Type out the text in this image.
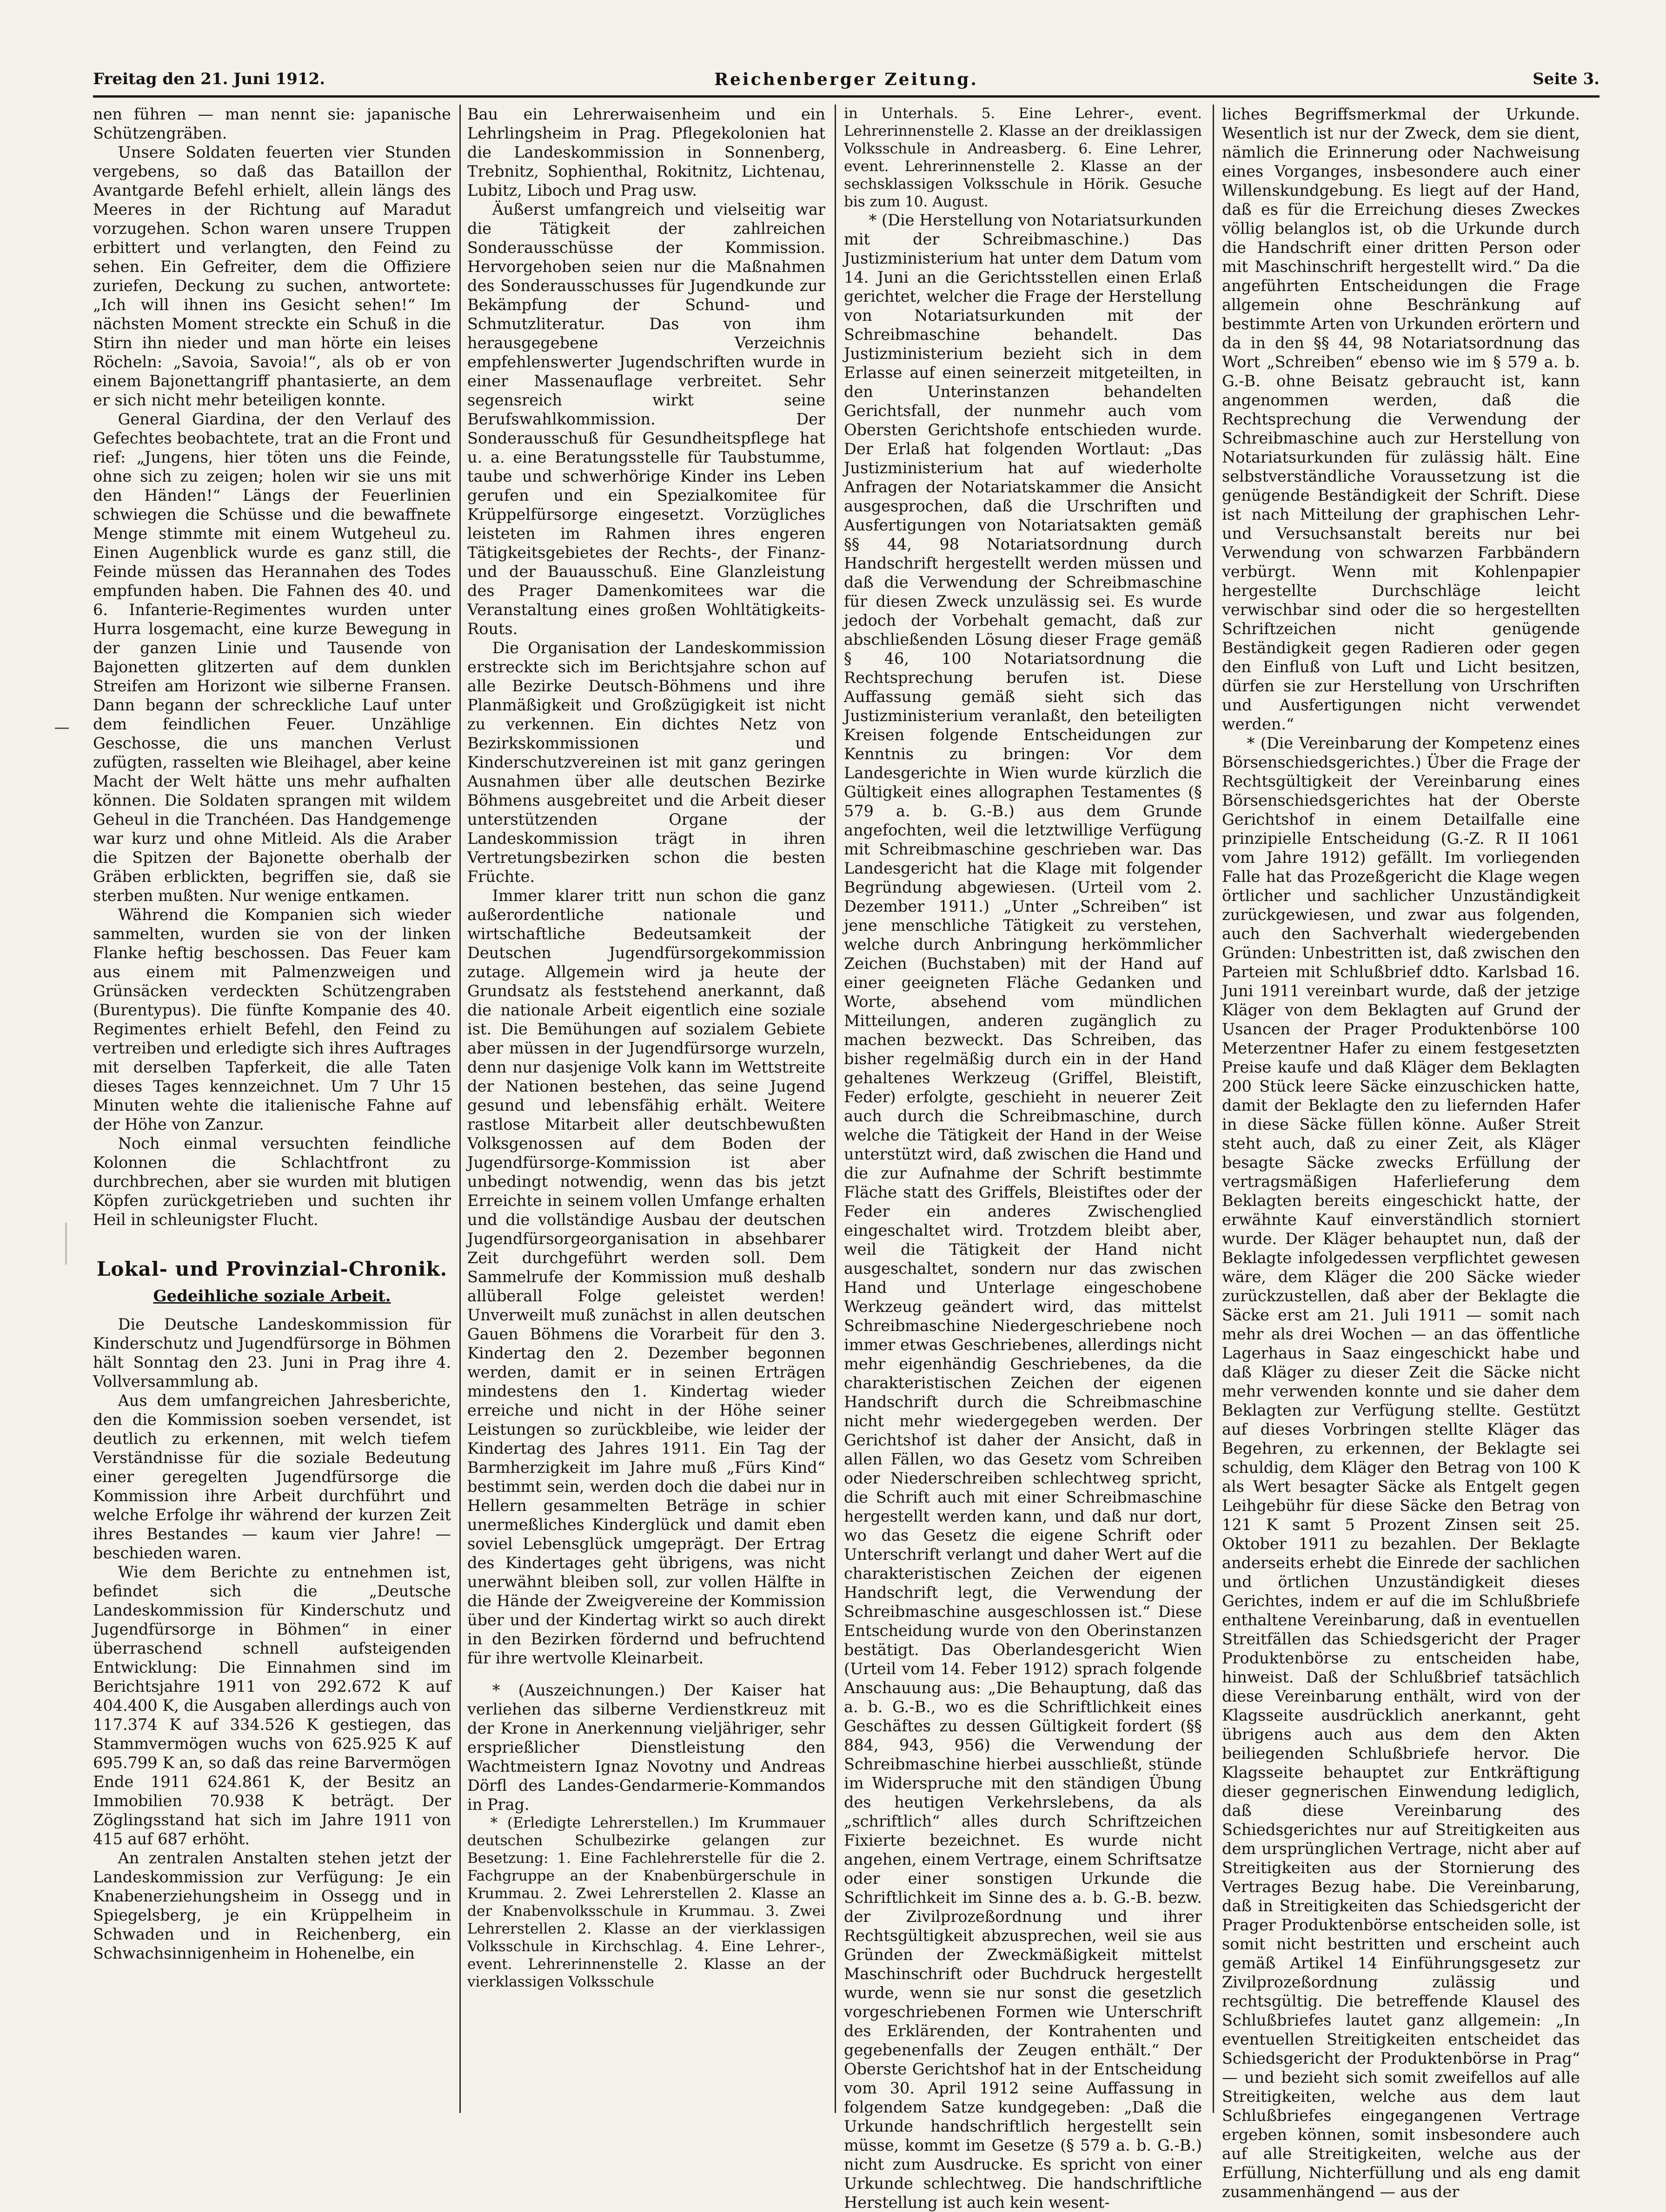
Freitag den 21. Juni 1912.	Reichenberger Zeitung.	Seite 3.

nen führen — man nennt sie: japanische Schützengräben.

Unsere Soldaten feuerten vier Stunden vergebens, so daß das Bataillon der Avantgarde Befehl erhielt, allein längs des Meeres in der Richtung auf Maradut vorzugehen. Schon waren unsere Truppen erbittert und verlangten, den Feind zu sehen. Ein Gefreiter, dem die Offiziere zuriefen, Deckung zu suchen, antwortete: „Ich will ihnen ins Gesicht sehen!“ Im nächsten Moment streckte ein Schuß in die Stirn ihn nieder und man hörte ein leises Röcheln: „Savoia, Savoia!“, als ob er von einem Bajonettangriff phantasierte, an dem er sich nicht mehr beteiligen konnte.

General Giardina, der den Verlauf des Gefechtes beobachtete, trat an die Front und rief: „Jungens, hier töten uns die Feinde, ohne sich zu zeigen; holen wir sie uns mit den Händen!“ Längs der Feuerlinien schwiegen die Schüsse und die bewaffnete Menge stimmte mit einem Wutgeheul zu. Einen Augenblick wurde es ganz still, die Feinde müssen das Herannahen des Todes empfunden haben. Die Fahnen des 40. und 6. Infanterie-Regimentes wurden unter Hurra losgemacht, eine kurze Bewegung in der ganzen Linie und Tausende von Bajonetten glitzerten auf dem dunklen Streifen am Horizont wie silberne Fransen. Dann begann der schreckliche Lauf unter dem feindlichen Feuer. Unzählige Geschosse, die uns manchen Verlust zufügten, rasselten wie Bleihagel, aber keine Macht der Welt hätte uns mehr aufhalten können. Die Soldaten sprangen mit wildem Geheul in die Tranchéen. Das Handgemenge war kurz und ohne Mitleid. Als die Araber die Spitzen der Bajonette oberhalb der Gräben erblickten, begriffen sie, daß sie sterben mußten. Nur wenige entkamen.

Während die Kompanien sich wieder sammelten, wurden sie von der linken Flanke heftig beschossen. Das Feuer kam aus einem mit Palmenzweigen und Grünsäcken verdeckten Schützengraben (Burentypus). Die fünfte Kompanie des 40. Regimentes erhielt Befehl, den Feind zu vertreiben und erledigte sich ihres Auftrages mit derselben Tapferkeit, die alle Taten dieses Tages kennzeichnet. Um 7 Uhr 15 Minuten wehte die italienische Fahne auf der Höhe von Zanzur.

Noch einmal versuchten feindliche Kolonnen die Schlachtfront zu durchbrechen, aber sie wurden mit blutigen Köpfen zurückgetrieben und suchten ihr Heil in schleunigster Flucht.

Lokal- und Provinzial-Chronik.
Gedeihliche soziale Arbeit.

Die Deutsche Landeskommission für Kinderschutz und Jugendfürsorge in Böhmen hält Sonntag den 23. Juni in Prag ihre 4. Vollversammlung ab.

Aus dem umfangreichen Jahresberichte, den die Kommission soeben versendet, ist deutlich zu erkennen, mit welch tiefem Verständnisse für die soziale Bedeutung einer geregelten Jugendfürsorge die Kommission ihre Arbeit durchführt und welche Erfolge ihr während der kurzen Zeit ihres Bestandes — kaum vier Jahre! — beschieden waren.

Wie dem Berichte zu entnehmen ist, befindet sich die „Deutsche Landeskommission für Kinderschutz und Jugendfürsorge in Böhmen“ in einer überraschend schnell aufsteigenden Entwicklung: Die Einnahmen sind im Berichtsjahre 1911 von 292.672 K auf 404.400 K, die Ausgaben allerdings auch von 117.374 K auf 334.526 K gestiegen, das Stammvermögen wuchs von 625.925 K auf 695.799 K an, so daß das reine Barvermögen Ende 1911 624.861 K, der Besitz an Immobilien 70.938 K beträgt. Der Zöglingsstand hat sich im Jahre 1911 von 415 auf 687 erhöht.

An zentralen Anstalten stehen jetzt der Landeskommission zur Verfügung: Je ein Knabenerziehungsheim in Ossegg und in Spiegelsberg, je ein Krüppelheim in Schwaden und in Reichenberg, ein Schwachsinnigenheim in Hohenelbe, ein

Bau ein Lehrerwaisenheim und ein Lehrlingsheim in Prag. Pflegekolonien hat die Landeskommission in Sonnenberg, Trebnitz, Sophienthal, Rokitnitz, Lichtenau, Lubitz, Liboch und Prag usw.

Äußerst umfangreich und vielseitig war die Tätigkeit der zahlreichen Sonderausschüsse der Kommission. Hervorgehoben seien nur die Maßnahmen des Sonderausschusses für Jugendkunde zur Bekämpfung der Schund- und Schmutzliteratur. Das von ihm herausgegebene Verzeichnis empfehlenswerter Jugendschriften wurde in einer Massenauflage verbreitet. Sehr segensreich wirkt seine Berufswahlkommission. Der Sonderausschuß für Gesundheitspflege hat u. a. eine Beratungsstelle für Taubstumme, taube und schwerhörige Kinder ins Leben gerufen und ein Spezialkomitee für Krüppelfürsorge eingesetzt. Vorzügliches leisteten im Rahmen ihres engeren Tätigkeitsgebietes der Rechts-, der Finanz- und der Bauausschuß. Eine Glanzleistung des Prager Damenkomitees war die Veranstaltung eines großen Wohltätigkeits-Routs.

Die Organisation der Landeskommission erstreckte sich im Berichtsjahre schon auf alle Bezirke Deutsch-Böhmens und ihre Planmäßigkeit und Großzügigkeit ist nicht zu verkennen. Ein dichtes Netz von Bezirkskommissionen und Kinderschutzvereinen ist mit ganz geringen Ausnahmen über alle deutschen Bezirke Böhmens ausgebreitet und die Arbeit dieser unterstützenden Organe der Landeskommission trägt in ihren Vertretungsbezirken schon die besten Früchte.

Immer klarer tritt nun schon die ganz außerordentliche nationale und wirtschaftliche Bedeutsamkeit der Deutschen Jugendfürsorgekommission zutage. Allgemein wird ja heute der Grundsatz als feststehend anerkannt, daß die nationale Arbeit eigentlich eine soziale ist. Die Bemühungen auf sozialem Gebiete aber müssen in der Jugendfürsorge wurzeln, denn nur dasjenige Volk kann im Wettstreite der Nationen bestehen, das seine Jugend gesund und lebensfähig erhält. Weitere rastlose Mitarbeit aller deutschbewußten Volksgenossen auf dem Boden der Jugendfürsorge-Kommission ist aber unbedingt notwendig, wenn das bis jetzt Erreichte in seinem vollen Umfange erhalten und die vollständige Ausbau der deutschen Jugendfürsorgeorganisation in absehbarer Zeit durchgeführt werden soll. Dem Sammelrufe der Kommission muß deshalb allüberall Folge geleistet werden! Unverweilt muß zunächst in allen deutschen Gauen Böhmens die Vorarbeit für den 3. Kindertag den 2. Dezember begonnen werden, damit er in seinen Erträgen mindestens den 1. Kindertag wieder erreiche und nicht in der Höhe seiner Leistungen so zurückbleibe, wie leider der Kindertag des Jahres 1911. Ein Tag der Barmherzigkeit im Jahre muß „Fürs Kind“ bestimmt sein, werden doch die dabei nur in Hellern gesammelten Beträge in schier unermeßliches Kinderglück und damit eben soviel Lebensglück umgeprägt. Der Ertrag des Kindertages geht übrigens, was nicht unerwähnt bleiben soll, zur vollen Hälfte in die Hände der Zweigvereine der Kommission über und der Kindertag wirkt so auch direkt in den Bezirken fördernd und befruchtend für ihre wertvolle Kleinarbeit.

* (Auszeichnungen.) Der Kaiser hat verliehen das silberne Verdienstkreuz mit der Krone in Anerkennung vieljähriger, sehr ersprießlicher Dienstleistung den Wachtmeistern Ignaz Novotny und Andreas Dörfl des Landes-Gendarmerie-Kommandos in Prag.

* (Erledigte Lehrerstellen.) Im Krummauer deutschen Schulbezirke gelangen zur Besetzung: 1. Eine Fachlehrerstelle für die 2. Fachgruppe an der Knabenbürgerschule in Krummau. 2. Zwei Lehrerstellen 2. Klasse an der Knabenvolksschule in Krummau. 3. Zwei Lehrerstellen 2. Klasse an der vierklassigen Volksschule in Kirchschlag. 4. Eine Lehrer-, event. Lehrerinnenstelle 2. Klasse an der vierklassigen Volksschule

in Unterhals. 5. Eine Lehrer-, event. Lehrerinnenstelle 2. Klasse an der dreiklassigen Volksschule in Andreasberg. 6. Eine Lehrer, event. Lehrerinnenstelle 2. Klasse an der sechsklassigen Volksschule in Hörik. Gesuche bis zum 10. August.

* (Die Herstellung von Notariatsurkunden mit der Schreibmaschine.) Das Justizministerium hat unter dem Datum vom 14. Juni an die Gerichtsstellen einen Erlaß gerichtet, welcher die Frage der Herstellung von Notariatsurkunden mit der Schreibmaschine behandelt. Das Justizministerium bezieht sich in dem Erlasse auf einen seinerzeit mitgeteilten, in den Unterinstanzen behandelten Gerichtsfall, der nunmehr auch vom Obersten Gerichtshofe entschieden wurde. Der Erlaß hat folgenden Wortlaut: „Das Justizministerium hat auf wiederholte Anfragen der Notariatskammer die Ansicht ausgesprochen, daß die Urschriften und Ausfertigungen von Notariatsakten gemäß §§ 44, 98 Notariatsordnung durch Handschrift hergestellt werden müssen und daß die Verwendung der Schreibmaschine für diesen Zweck unzulässig sei. Es wurde jedoch der Vorbehalt gemacht, daß zur abschließenden Lösung dieser Frage gemäß § 46, 100 Notariatsordnung die Rechtsprechung berufen ist. Diese Auffassung gemäß sieht sich das Justizministerium veranlaßt, den beteiligten Kreisen folgende Entscheidungen zur Kenntnis zu bringen: Vor dem Landesgerichte in Wien wurde kürzlich die Gültigkeit eines allographen Testamentes (§ 579 a. b. G.-B.) aus dem Grunde angefochten, weil die letztwillige Verfügung mit Schreibmaschine geschrieben war. Das Landesgericht hat die Klage mit folgender Begründung abgewiesen. (Urteil vom 2. Dezember 1911.) „Unter „Schreiben“ ist jene menschliche Tätigkeit zu verstehen, welche durch Anbringung herkömmlicher Zeichen (Buchstaben) mit der Hand auf einer geeigneten Fläche Gedanken und Worte, absehend vom mündlichen Mitteilungen, anderen zugänglich zu machen bezweckt. Das Schreiben, das bisher regelmäßig durch ein in der Hand gehaltenes Werkzeug (Griffel, Bleistift, Feder) erfolgte, geschieht in neuerer Zeit auch durch die Schreibmaschine, durch welche die Tätigkeit der Hand in der Weise unterstützt wird, daß zwischen die Hand und die zur Aufnahme der Schrift bestimmte Fläche statt des Griffels, Bleistiftes oder der Feder ein anderes Zwischenglied eingeschaltet wird. Trotzdem bleibt aber, weil die Tätigkeit der Hand nicht ausgeschaltet, sondern nur das zwischen Hand und Unterlage eingeschobene Werkzeug geändert wird, das mittelst Schreibmaschine Niedergeschriebene noch immer etwas Geschriebenes, allerdings nicht mehr eigenhändig Geschriebenes, da die charakteristischen Zeichen der eigenen Handschrift durch die Schreibmaschine nicht mehr wiedergegeben werden. Der Gerichtshof ist daher der Ansicht, daß in allen Fällen, wo das Gesetz vom Schreiben oder Niederschreiben schlechtweg spricht, die Schrift auch mit einer Schreibmaschine hergestellt werden kann, und daß nur dort, wo das Gesetz die eigene Schrift oder Unterschrift verlangt und daher Wert auf die charakteristischen Zeichen der eigenen Handschrift legt, die Verwendung der Schreibmaschine ausgeschlossen ist.“ Diese Entscheidung wurde von den Oberinstanzen bestätigt. Das Oberlandesgericht Wien (Urteil vom 14. Feber 1912) sprach folgende Anschauung aus: „Die Behauptung, daß das a. b. G.-B., wo es die Schriftlichkeit eines Geschäftes zu dessen Gültigkeit fordert (§§ 884, 943, 956) die Verwendung der Schreibmaschine hierbei ausschließt, stünde im Widerspruche mit den ständigen Übung des heutigen Verkehrslebens, da als „schriftlich“ alles durch Schriftzeichen Fixierte bezeichnet. Es wurde nicht angehen, einem Vertrage, einem Schriftsatze oder einer sonstigen Urkunde die Schriftlichkeit im Sinne des a. b. G.-B. bezw. der Zivilprozeßordnung und ihrer Rechtsgültigkeit abzusprechen, weil sie aus Gründen der Zweckmäßigkeit mittelst Maschinschrift oder Buchdruck hergestellt wurde, wenn sie nur sonst die gesetzlich vorgeschriebenen Formen wie Unterschrift des Erklärenden, der Kontrahenten und gegebenenfalls der Zeugen enthält.“ Der Oberste Gerichtshof hat in der Entscheidung vom 30. April 1912 seine Auffassung in folgendem Satze kundgegeben: „Daß die Urkunde handschriftlich hergestellt sein müsse, kommt im Gesetze (§ 579 a. b. G.-B.) nicht zum Ausdrucke. Es spricht von einer Urkunde schlechtweg. Die handschriftliche Herstellung ist auch kein wesent-

liches Begriffsmerkmal der Urkunde. Wesentlich ist nur der Zweck, dem sie dient, nämlich die Erinnerung oder Nachweisung eines Vorganges, insbesondere auch einer Willenskundgebung. Es liegt auf der Hand, daß es für die Erreichung dieses Zweckes völlig belanglos ist, ob die Urkunde durch die Handschrift einer dritten Person oder mit Maschinschrift hergestellt wird.“ Da die angeführten Entscheidungen die Frage allgemein ohne Beschränkung auf bestimmte Arten von Urkunden erörtern und da in den §§ 44, 98 Notariatsordnung das Wort „Schreiben“ ebenso wie im § 579 a. b. G.-B. ohne Beisatz gebraucht ist, kann angenommen werden, daß die Rechtsprechung die Verwendung der Schreibmaschine auch zur Herstellung von Notariatsurkunden für zulässig hält. Eine selbstverständliche Voraussetzung ist die genügende Beständigkeit der Schrift. Diese ist nach Mitteilung der graphischen Lehr- und Versuchsanstalt bereits nur bei Verwendung von schwarzen Farbbändern verbürgt. Wenn mit Kohlenpapier hergestellte Durchschläge leicht verwischbar sind oder die so hergestellten Schriftzeichen nicht genügende Beständigkeit gegen Radieren oder gegen den Einfluß von Luft und Licht besitzen, dürfen sie zur Herstellung von Urschriften und Ausfertigungen nicht verwendet werden.“

* (Die Vereinbarung der Kompetenz eines Börsenschiedsgerichtes.) Über die Frage der Rechtsgültigkeit der Vereinbarung eines Börsenschiedsgerichtes hat der Oberste Gerichtshof in einem Detailfalle eine prinzipielle Entscheidung (G.-Z. R II 1061 vom Jahre 1912) gefällt. Im vorliegenden Falle hat das Prozeßgericht die Klage wegen örtlicher und sachlicher Unzuständigkeit zurückgewiesen, und zwar aus folgenden, auch den Sachverhalt wiedergebenden Gründen: Unbestritten ist, daß zwischen den Parteien mit Schlußbrief ddto. Karlsbad 16. Juni 1911 vereinbart wurde, daß der jetzige Kläger von dem Beklagten auf Grund der Usancen der Prager Produktenbörse 100 Meterzentner Hafer zu einem festgesetzten Preise kaufe und daß Kläger dem Beklagten 200 Stück leere Säcke einzuschicken hatte, damit der Beklagte den zu liefernden Hafer in diese Säcke füllen könne. Außer Streit steht auch, daß zu einer Zeit, als Kläger besagte Säcke zwecks Erfüllung der vertragsmäßigen Haferlieferung dem Beklagten bereits eingeschickt hatte, der erwähnte Kauf einverständlich storniert wurde. Der Kläger behauptet nun, daß der Beklagte infolgedessen verpflichtet gewesen wäre, dem Kläger die 200 Säcke wieder zurückzustellen, daß aber der Beklagte die Säcke erst am 21. Juli 1911 — somit nach mehr als drei Wochen — an das öffentliche Lagerhaus in Saaz eingeschickt habe und daß Kläger zu dieser Zeit die Säcke nicht mehr verwenden konnte und sie daher dem Beklagten zur Verfügung stellte. Gestützt auf dieses Vorbringen stellte Kläger das Begehren, zu erkennen, der Beklagte sei schuldig, dem Kläger den Betrag von 100 K als Wert besagter Säcke als Entgelt gegen Leihgebühr für diese Säcke den Betrag von 121 K samt 5 Prozent Zinsen seit 25. Oktober 1911 zu bezahlen. Der Beklagte anderseits erhebt die Einrede der sachlichen und örtlichen Unzuständigkeit dieses Gerichtes, indem er auf die im Schlußbriefe enthaltene Vereinbarung, daß in eventuellen Streitfällen das Schiedsgericht der Prager Produktenbörse zu entscheiden habe, hinweist. Daß der Schlußbrief tatsächlich diese Vereinbarung enthält, wird von der Klagsseite ausdrücklich anerkannt, geht übrigens auch aus dem den Akten beiliegenden Schlußbriefe hervor. Die Klagsseite behauptet zur Entkräftigung dieser gegnerischen Einwendung lediglich, daß diese Vereinbarung des Schiedsgerichtes nur auf Streitigkeiten aus dem ursprünglichen Vertrage, nicht aber auf Streitigkeiten aus der Stornierung des Vertrages Bezug habe. Die Vereinbarung, daß in Streitigkeiten das Schiedsgericht der Prager Produktenbörse entscheiden solle, ist somit nicht bestritten und erscheint auch gemäß Artikel 14 Einführungsgesetz zur Zivilprozeßordnung zulässig und rechtsgültig. Die betreffende Klausel des Schlußbriefes lautet ganz allgemein: „In eventuellen Streitigkeiten entscheidet das Schiedsgericht der Produktenbörse in Prag“ — und bezieht sich somit zweifellos auf alle Streitigkeiten, welche aus dem laut Schlußbriefes eingegangenen Vertrage ergeben können, somit insbesondere auch auf alle Streitigkeiten, welche aus der Erfüllung, Nichterfüllung und als eng damit zusammenhängend — aus der
